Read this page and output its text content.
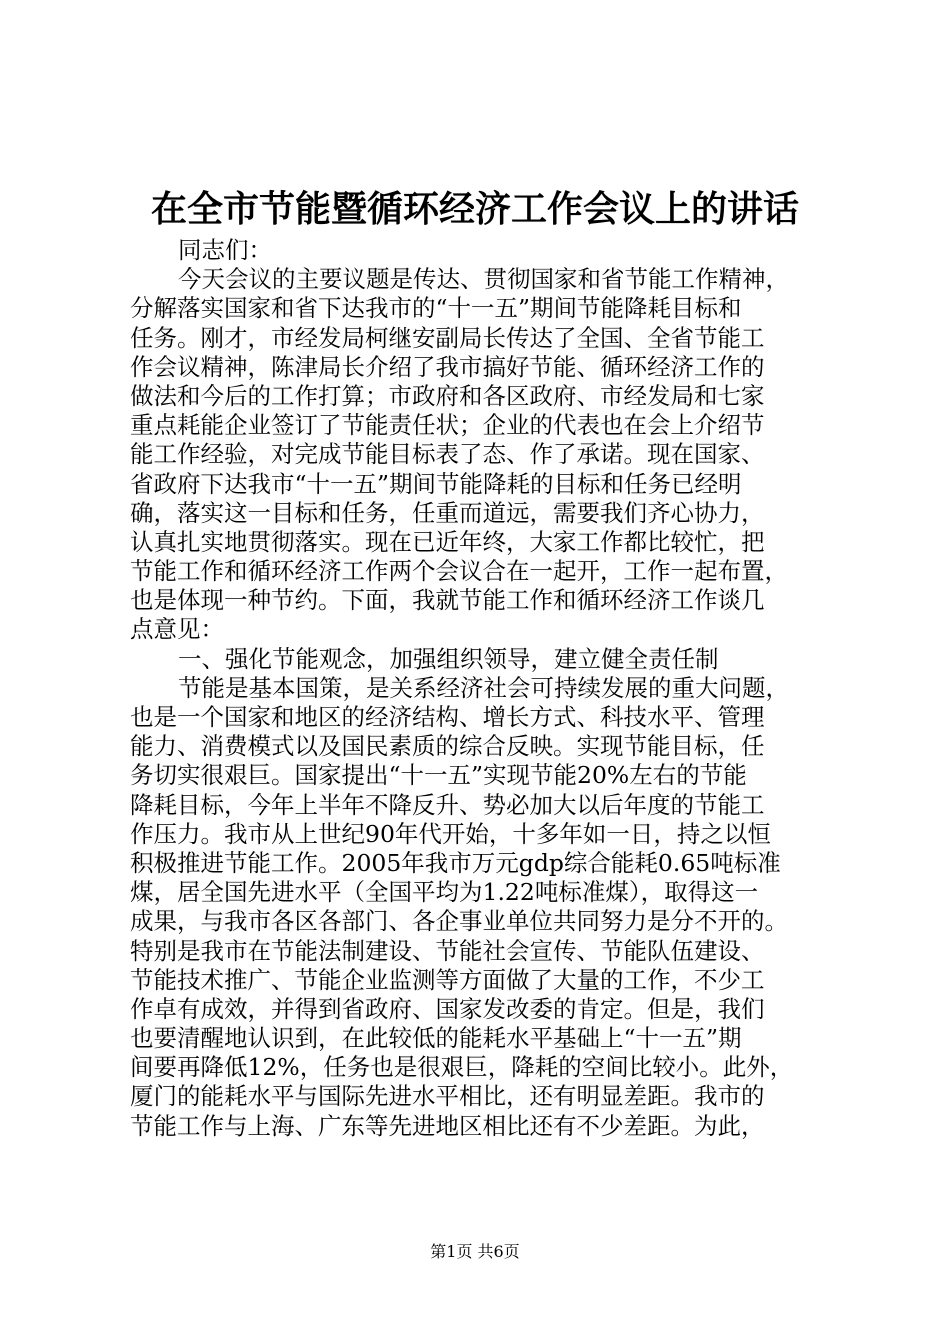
在全市节能暨循环经济工作会议上的讲话
同志们：
今天会议的主要议题是传达、贯彻国家和省节能工作精神，
分解落实国家和省下达我市的“十一五”期间节能降耗目标和
任务。刚才，市经发局柯继安副局长传达了全国、全省节能工
作会议精神，陈津局长介绍了我市搞好节能、循环经济工作的
做法和今后的工作打算；市政府和各区政府、市经发局和七家
重点耗能企业签订了节能责任状；企业的代表也在会上介绍节
能工作经验，对完成节能目标表了态、作了承诺。现在国家、
省政府下达我市“十一五”期间节能降耗的目标和任务已经明
确，落实这一目标和任务，任重而道远，需要我们齐心协力，
认真扎实地贯彻落实。现在已近年终，大家工作都比较忙，把
节能工作和循环经济工作两个会议合在一起开，工作一起布置，
也是体现一种节约。下面，我就节能工作和循环经济工作谈几
点意见：
一、强化节能观念，加强组织领导，建立健全责任制
节能是基本国策，是关系经济社会可持续发展的重大问题，
也是一个国家和地区的经济结构、增长方式、科技水平、管理
能力、消费模式以及国民素质的综合反映。实现节能目标，任
务切实很艰巨。国家提出“十一五”实现节能20%左右的节能
降耗目标，今年上半年不降反升、势必加大以后年度的节能工
作压力。我市从上世纪90年代开始，十多年如一日，持之以恒
积极推进节能工作。2005年我市万元gdp综合能耗0.65吨标准
煤，居全国先进水平（全国平均为1.22吨标准煤），取得这一
成果，与我市各区各部门、各企事业单位共同努力是分不开的。
特别是我市在节能法制建设、节能社会宣传、节能队伍建设、
节能技术推广、节能企业监测等方面做了大量的工作，不少工
作卓有成效，并得到省政府、国家发改委的肯定。但是，我们
也要清醒地认识到，在此较低的能耗水平基础上“十一五”期
间要再降低12%，任务也是很艰巨，降耗的空间比较小。此外，
厦门的能耗水平与国际先进水平相比，还有明显差距。我市的
节能工作与上海、广东等先进地区相比还有不少差距。为此，
第1页 共6页
